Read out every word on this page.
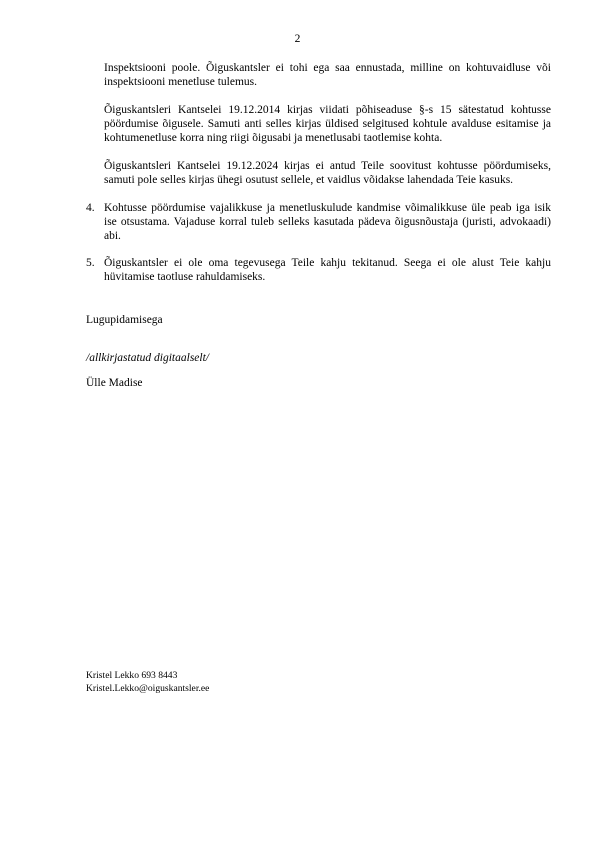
2
Inspektsiooni poole. Õiguskantsler ei tohi ega saa ennustada, milline on kohtuvaidluse või inspektsiooni menetluse tulemus.
Õiguskantsleri Kantselei 19.12.2014 kirjas viidati põhiseaduse §-s 15 sätestatud kohtusse pöördumise õigusele. Samuti anti selles kirjas üldised selgitused kohtule avalduse esitamise ja kohtumenetluse korra ning riigi õigusabi ja menetlusabi taotlemise kohta.
Õiguskantsleri Kantselei 19.12.2024 kirjas ei antud Teile soovitust kohtusse pöördumiseks, samuti pole selles kirjas ühegi osutust sellele, et vaidlus võidakse lahendada Teie kasuks.
4. Kohtusse pöördumise vajalikkuse ja menetluskulude kandmise võimalikkuse üle peab iga isik ise otsustama. Vajaduse korral tuleb selleks kasutada pädeva õigusnõustaja (juristi, advokaadi) abi.
5. Õiguskantsler ei ole oma tegevusega Teile kahju tekitanud. Seega ei ole alust Teie kahju hüvitamise taotluse rahuldamiseks.
Lugupidamisega
/allkirjastatud digitaalselt/
Ülle Madise
Kristel Lekko 693 8443
Kristel.Lekko@oiguskantsler.ee
